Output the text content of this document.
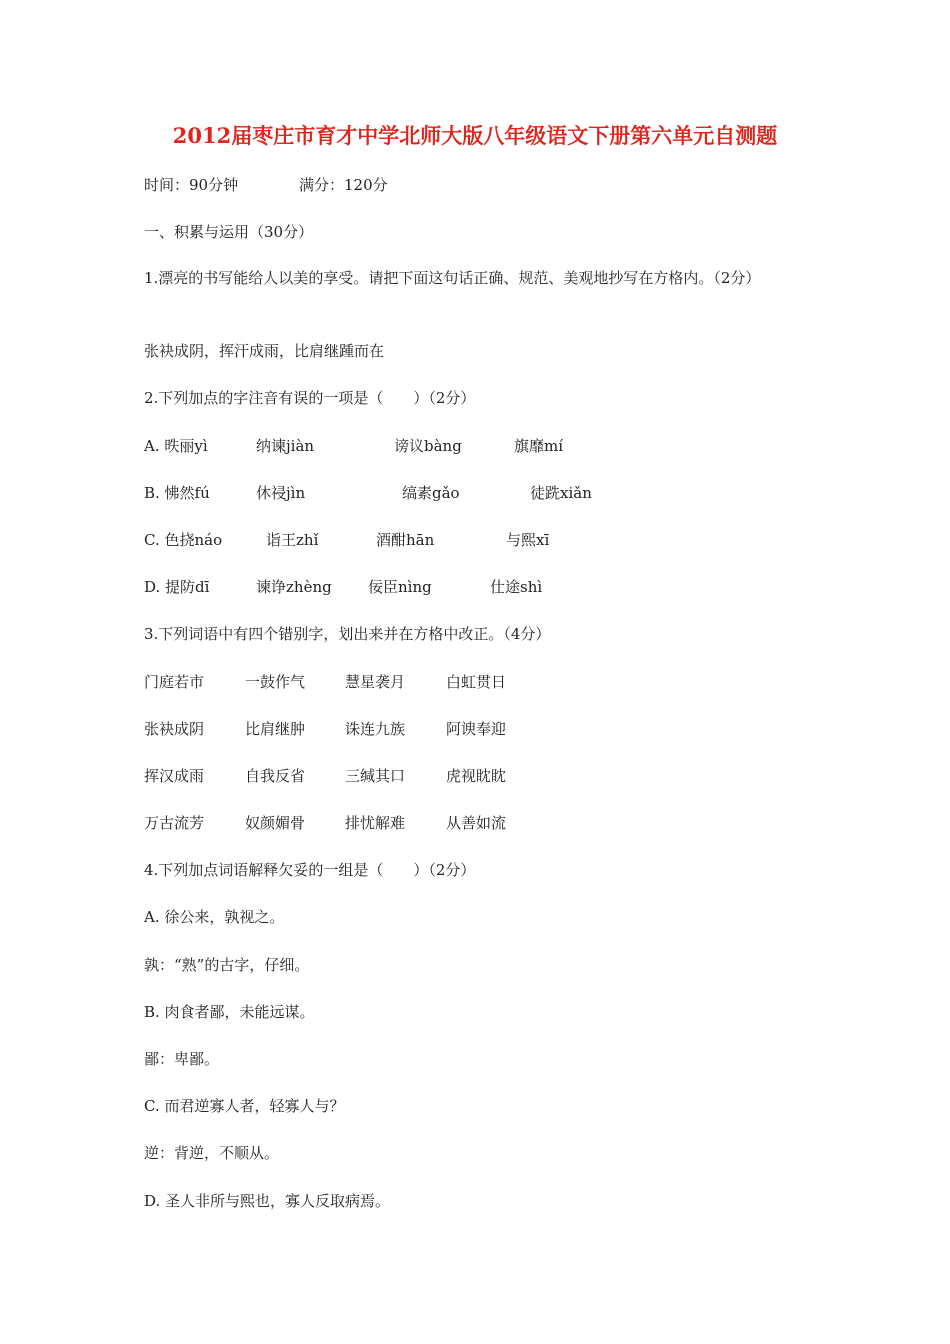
2012届枣庄市育才中学北师大版八年级语文下册第六单元自测题
时间：90分钟	满分：120分
一、积累与运用（30分）
1.漂亮的书写能给人以美的享受。请把下面这句话正确、规范、美观地抄写在方格内。（2分）
张袂成阴，挥汗成雨，比肩继踵而在
2.下列加点的字注音有误的一项是（　　）（2分）
A. 昳丽yì	纳谏jiàn	谤议bàng	旗靡mí
B. 怫然fú	休祲jìn	缟素gǎo	徒跣xiǎn
C. 色挠náo	诣王zhǐ	酒酣hān	与熙xī
D. 提防dī	谏诤zhèng 佞臣nìng	仕途shì
3.下列词语中有四个错别字，划出来并在方格中改正。（4分）
门庭若市	一鼓作气	慧星袭月	白虹贯日
张袂成阴	比肩继肿	诛连九族	阿谀奉迎
挥汉成雨	自我反省	三缄其口	虎视眈眈
万古流芳	奴颜媚骨	排忧解难	从善如流
4.下列加点词语解释欠妥的一组是（　　）（2分）
A. 徐公来，孰视之。
孰：“熟”的古字，仔细。
B. 肉食者鄙，未能远谋。
鄙：卑鄙。
C. 而君逆寡人者，轻寡人与？
逆：背逆，不顺从。
D. 圣人非所与熙也，寡人反取病焉。
